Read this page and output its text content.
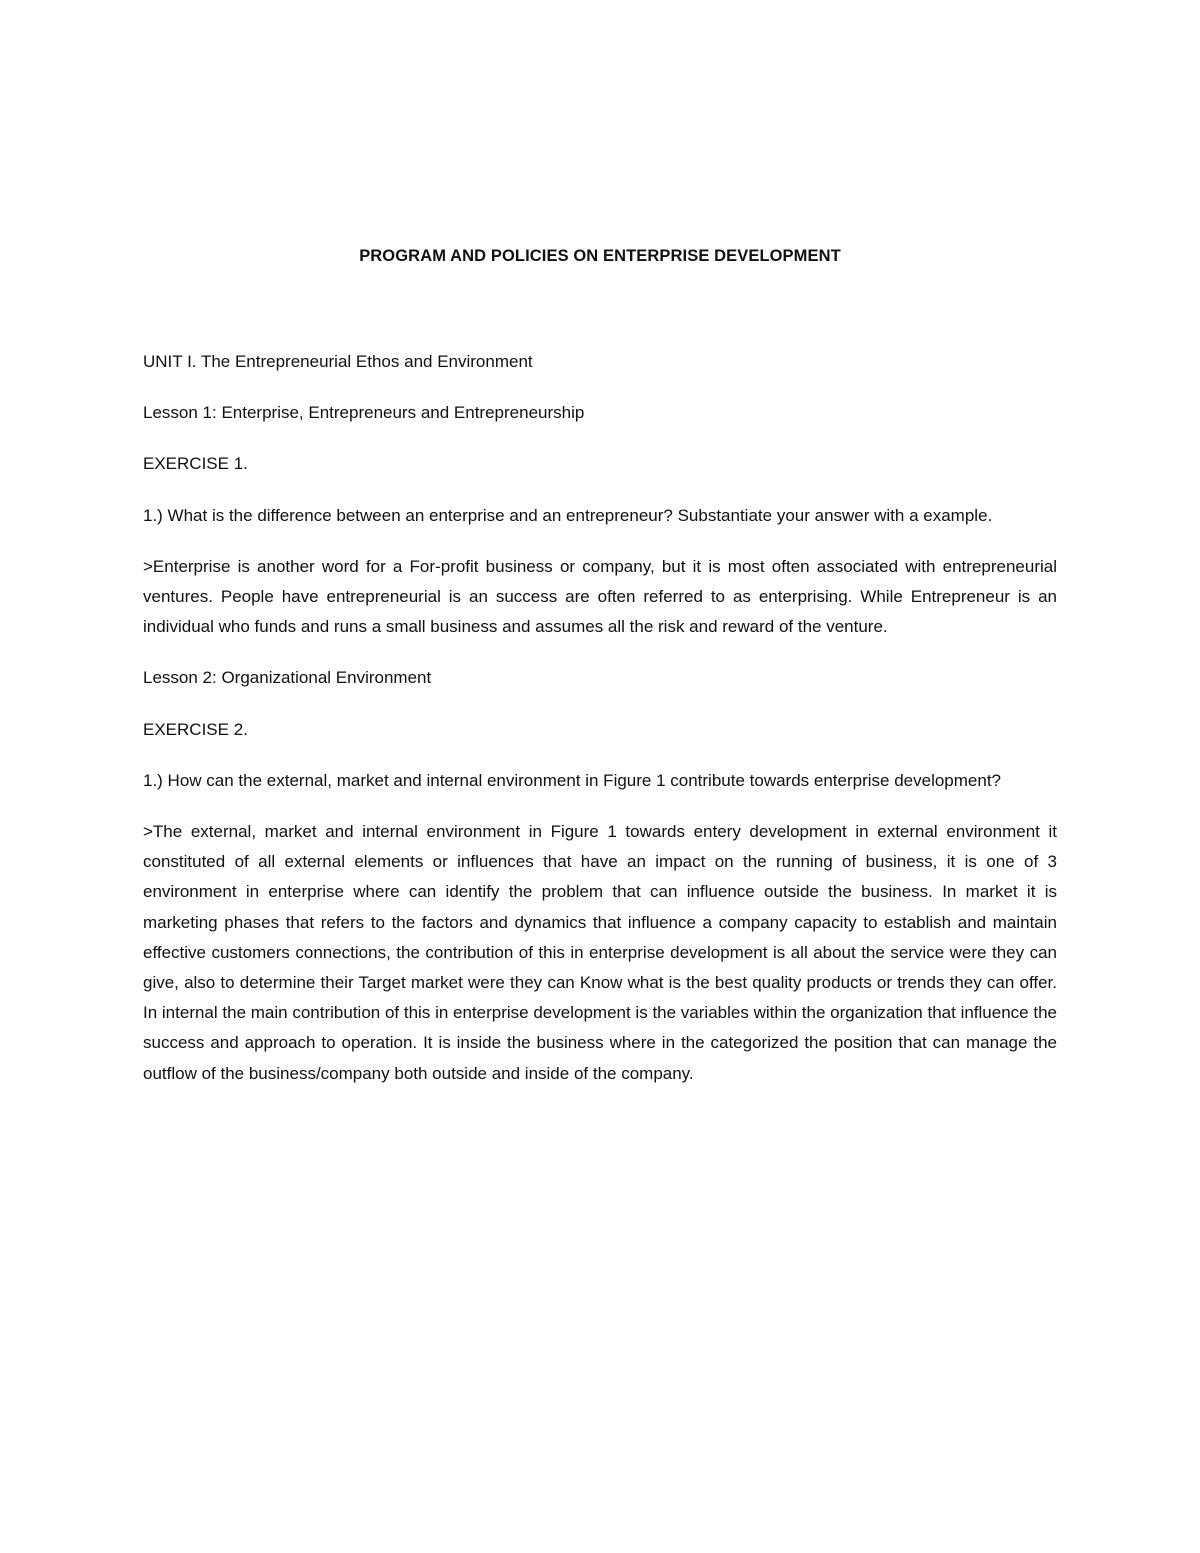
PROGRAM AND POLICIES ON ENTERPRISE DEVELOPMENT

UNIT I. The Entrepreneurial Ethos and Environment

Lesson 1: Enterprise, Entrepreneurs and Entrepreneurship

EXERCISE 1.

1.) What is the difference between an enterprise and an entrepreneur? Substantiate your answer with a example.

>Enterprise is another word for a For-profit business or company, but it is most often associated with entrepreneurial ventures. People have entrepreneurial is an success are often referred to as enterprising. While Entrepreneur is an individual who funds and runs a small business and assumes all the risk and reward of the venture.

Lesson 2: Organizational Environment

EXERCISE 2.

1.) How can the external, market and internal environment in Figure 1 contribute towards enterprise development?

>The external, market and internal environment in Figure 1 towards entery development in external environment it constituted of all external elements or influences that have an impact on the running of business, it is one of 3 environment in enterprise where can identify the problem that can influence outside the business. In market it is marketing phases that refers to the factors and dynamics that influence a company capacity to establish and maintain effective customers connections, the contribution of this in enterprise development is all about the service were they can give, also to determine their Target market were they can Know what is the best quality products or trends they can offer. In internal the main contribution of this in enterprise development is the variables within the organization that influence the success and approach to operation. It is inside the business where in the categorized the position that can manage the outflow of the business/company both outside and inside of the company.
